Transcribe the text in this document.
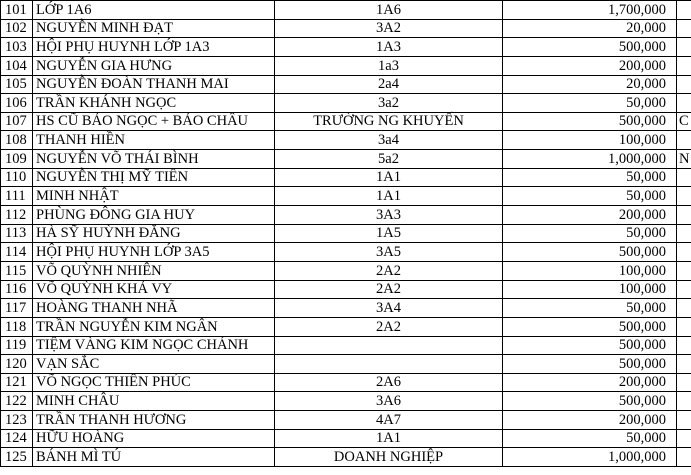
101	LỚP 1A6	1A6	1,700,000	
102	NGUYỄN MINH ĐẠT	3A2	20,000	
103	HỘI PHỤ HUYNH LỚP 1A3	1A3	500,000	
104	NGUYỄN GIA HƯNG	1a3	200,000	
105	NGUYỄN ĐOÀN THANH MAI	2a4	20,000	
106	TRẦN KHÁNH NGỌC	3a2	50,000	
107	HS CŨ BẢO NGỌC + BẢO CHÂU	TRƯỜNG NG KHUYẾN	500,000	C
108	THANH HIỀN	3a4	100,000	
109	NGUYỄN VÕ THÁI BÌNH	5a2	1,000,000	N
110	NGUYỄN THỊ MỸ TIÊN	1A1	50,000	
111	MINH NHẬT	1A1	50,000	
112	PHÙNG ĐÔNG GIA HUY	3A3	200,000	
113	HÀ SỸ HUỲNH ĐĂNG	1A5	50,000	
114	HỘI PHỤ HUYNH LỚP 3A5	3A5	500,000	
115	VÕ QUỲNH NHIÊN	2A2	100,000	
116	VÕ QUỲNH KHẢ VY	2A2	100,000	
117	HOÀNG THANH NHÃ	3A4	50,000	
118	TRẦN NGUYỄN KIM NGÂN	2A2	500,000	
119	TIỆM VÀNG KIM NGỌC CHÁNH		500,000	
120	VẠN SẮC		500,000	
121	VÕ NGỌC THIÊN PHÚC	2A6	200,000	
122	MINH CHÂU	3A6	500,000	
123	TRẦN THANH HƯƠNG	4A7	200,000	
124	HỮU HOÀNG	1A1	50,000	
125	BÁNH MÌ TÚ	DOANH NGHIỆP	1,000,000	
